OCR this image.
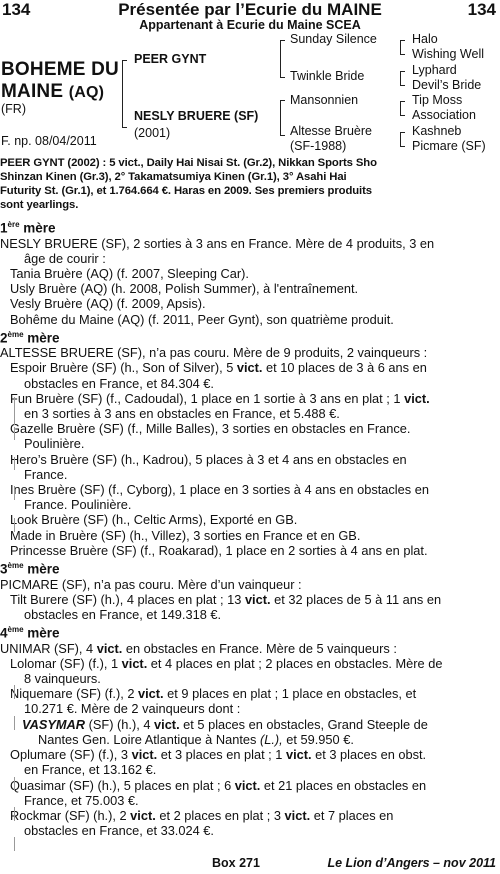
134	Présentée par l’Ecurie du MAINE	134
Appartenant à Ecurie du Maine SCEA
BOHEME DU
MAINE (AQ)
(FR)
F. np. 08/04/2011
PEER GYNT
NESLY BRUERE (SF)
(2001)
Sunday Silence
Twinkle Bride
Mansonnien
Altesse Bruère
(SF-1988)
Halo
Wishing Well
Lyphard
Devil’s Bride
Tip Moss
Association
Kashneb
Picmare (SF)
PEER GYNT (2002) : 5 vict., Daily Hai Nisai St. (Gr.2), Nikkan Sports Sho
Shinzan Kinen (Gr.3), 2° Takamatsumiya Kinen (Gr.1), 3° Asahi Hai
Futurity St. (Gr.1), et 1.764.664 €. Haras en 2009. Ses premiers produits
sont yearlings.
1ère mère
NESLY BRUERE (SF), 2 sorties à 3 ans en France. Mère de 4 produits, 3 en
âge de courir :
Tania Bruère (AQ) (f. 2007, Sleeping Car).
Usly Bruère (AQ) (h. 2008, Polish Summer), à l'entraînement.
Vesly Bruère (AQ) (f. 2009, Apsis).
Bohême du Maine (AQ) (f. 2011, Peer Gynt), son quatrième produit.
2ème mère
ALTESSE BRUERE (SF), n’a pas couru. Mère de 9 produits, 2 vainqueurs :
Espoir Bruère (SF) (h., Son of Silver), 5 vict. et 10 places de 3 à 6 ans en
obstacles en France, et 84.304 €.
Fun Bruère (SF) (f., Cadoudal), 1 place en 1 sortie à 3 ans en plat ; 1 vict.
en 3 sorties à 3 ans en obstacles en France, et 5.488 €.
Gazelle Bruère (SF) (f., Mille Balles), 3 sorties en obstacles en France.
Poulinière.
Hero’s Bruère (SF) (h., Kadrou), 5 places à 3 et 4 ans en obstacles en
France.
Ines Bruère (SF) (f., Cyborg), 1 place en 3 sorties à 4 ans en obstacles en
France. Poulinière.
Look Bruère (SF) (h., Celtic Arms), Exporté en GB.
Made in Bruère (SF) (h., Villez), 3 sorties en France et en GB.
Princesse Bruère (SF) (f., Roakarad), 1 place en 2 sorties à 4 ans en plat.
3ème mère
PICMARE (SF), n’a pas couru. Mère d’un vainqueur :
Tilt Burere (SF) (h.), 4 places en plat ; 13 vict. et 32 places de 5 à 11 ans en
obstacles en France, et 149.318 €.
4ème mère
UNIMAR (SF), 4 vict. en obstacles en France. Mère de 5 vainqueurs :
Lolomar (SF) (f.), 1 vict. et 4 places en plat ; 2 places en obstacles. Mère de
8 vainqueurs.
Niquemare (SF) (f.), 2 vict. et 9 places en plat ; 1 place en obstacles, et
10.271 €. Mère de 2 vainqueurs dont :
VASYMAR (SF) (h.), 4 vict. et 5 places en obstacles, Grand Steeple de
Nantes Gen. Loire Atlantique à Nantes (L.), et 59.950 €.
Oplumare (SF) (f.), 3 vict. et 3 places en plat ; 1 vict. et 3 places en obst.
en France, et 13.162 €.
Quasimar (SF) (h.), 5 places en plat ; 6 vict. et 21 places en obstacles en
France, et 75.003 €.
Rockmar (SF) (h.), 2 vict. et 2 places en plat ; 3 vict. et 7 places en
obstacles en France, et 33.024 €.
Box 271	Le Lion d’Angers – nov 2011
